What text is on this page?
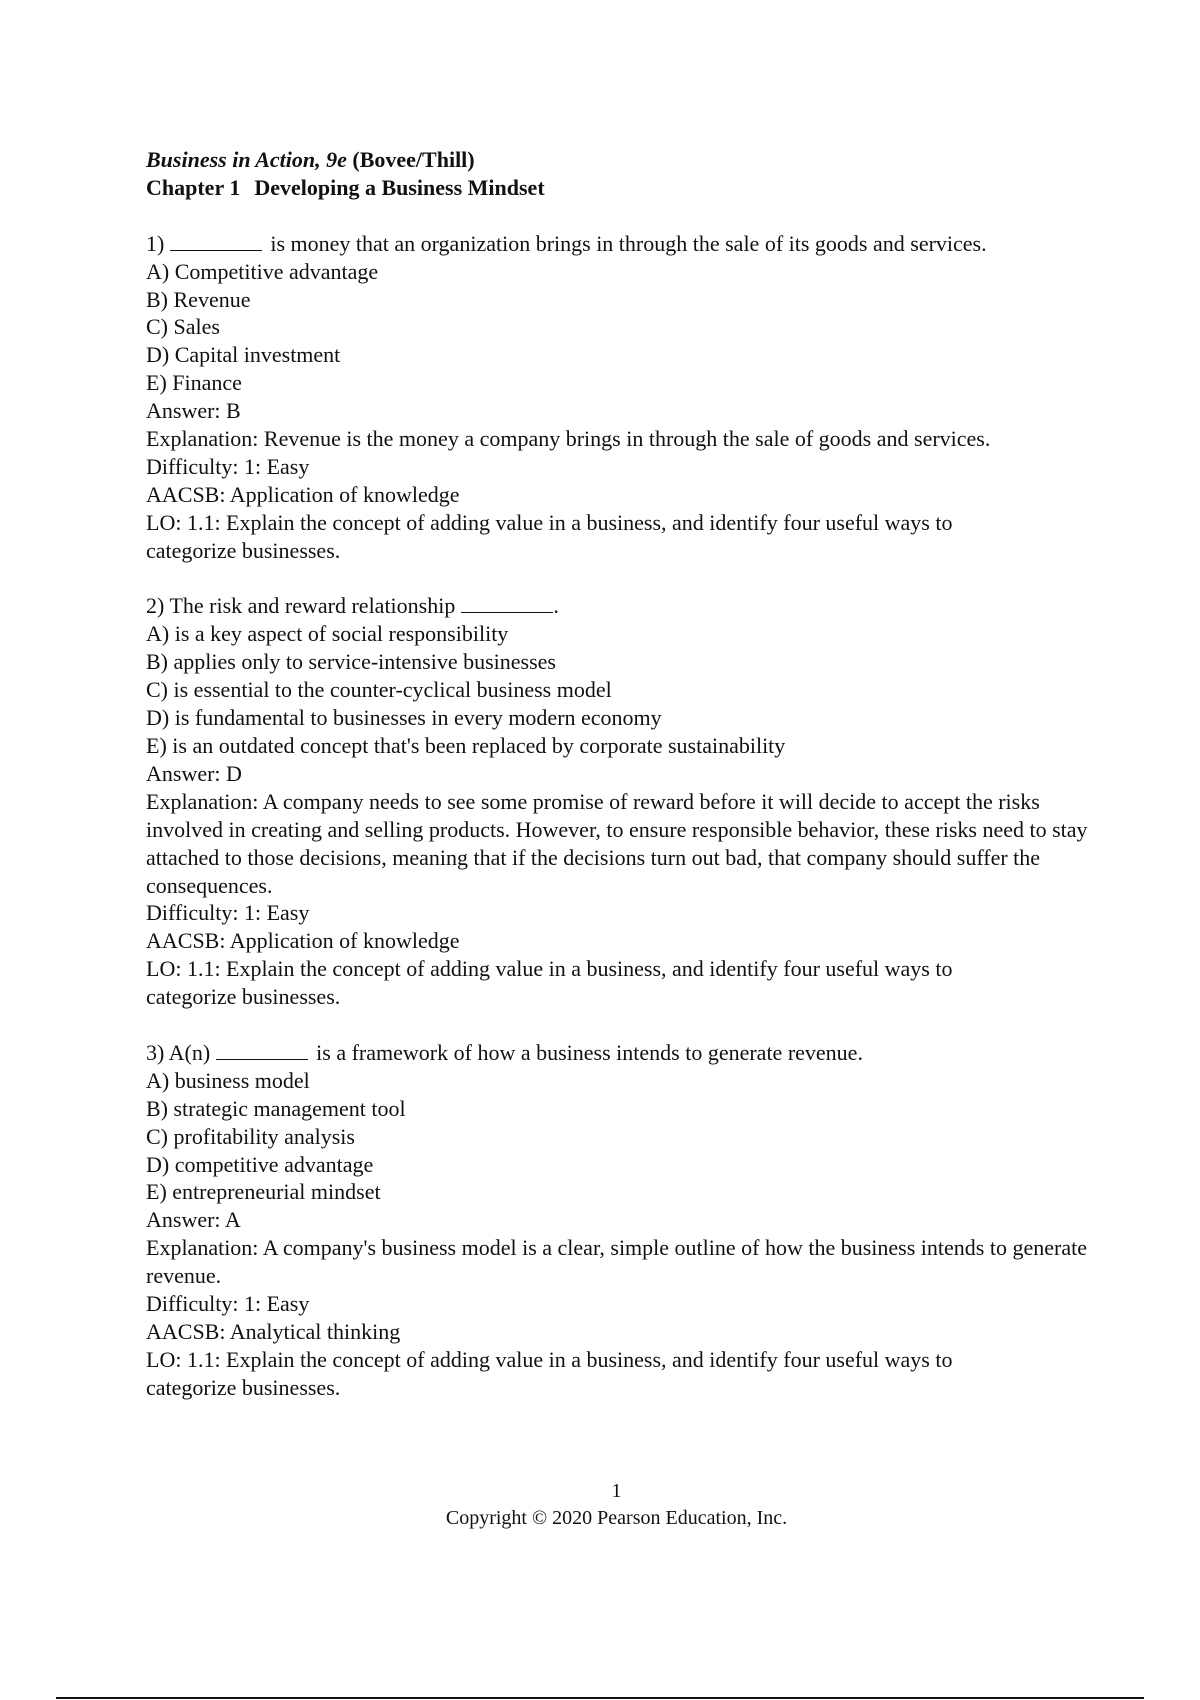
Business in Action, 9e (Bovee/Thill)
Chapter 1 Developing a Business Mindset
1)	is money that an organization brings in through the sale of its goods and services.
A) Competitive advantage
B) Revenue
C) Sales
D) Capital investment
E) Finance
Answer: B
Explanation: Revenue is the money a company brings in through the sale of goods and services.
Difficulty: 1: Easy
AACSB: Application of knowledge
LO: 1.1: Explain the concept of adding value in a business, and identify four useful ways to categorize businesses.
2) The risk and reward relationship	.
A) is a key aspect of social responsibility
B) applies only to service-intensive businesses
C) is essential to the counter-cyclical business model
D) is fundamental to businesses in every modern economy
E) is an outdated concept that's been replaced by corporate sustainability
Answer: D
Explanation: A company needs to see some promise of reward before it will decide to accept the risks involved in creating and selling products. However, to ensure responsible behavior, these risks need to stay attached to those decisions, meaning that if the decisions turn out bad, that company should suffer the consequences.
Difficulty: 1: Easy
AACSB: Application of knowledge
LO: 1.1: Explain the concept of adding value in a business, and identify four useful ways to categorize businesses.
3) A(n)	is a framework of how a business intends to generate revenue.
A) business model
B) strategic management tool
C) profitability analysis
D) competitive advantage
E) entrepreneurial mindset
Answer: A
Explanation: A company's business model is a clear, simple outline of how the business intends to generate revenue.
Difficulty: 1: Easy
AACSB: Analytical thinking
LO: 1.1: Explain the concept of adding value in a business, and identify four useful ways to categorize businesses.
1
Copyright © 2020 Pearson Education, Inc.
